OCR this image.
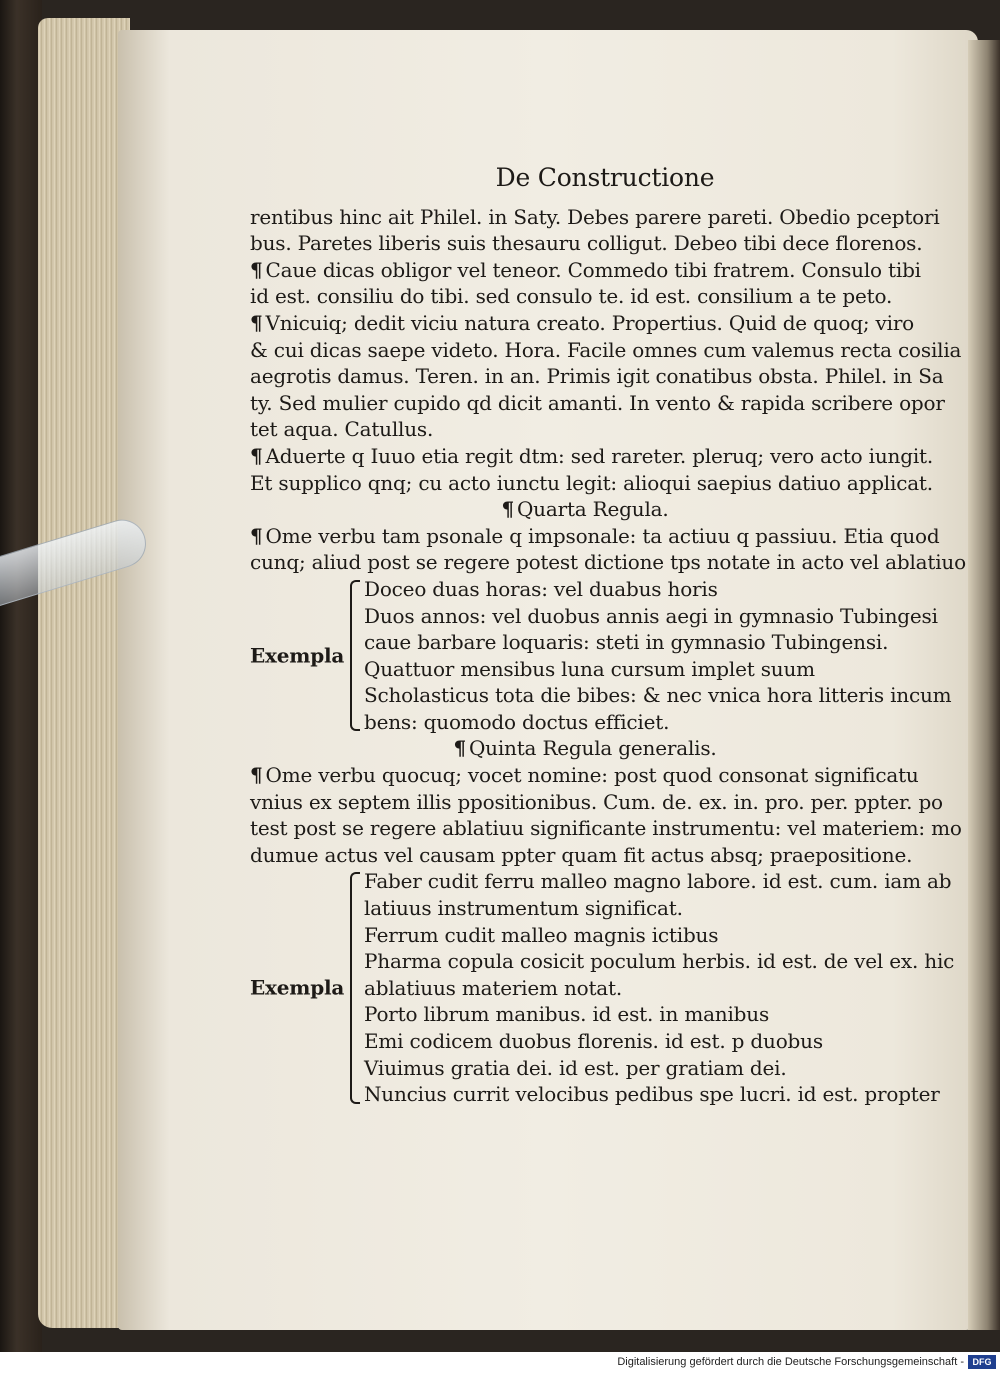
De Constructione
rentibus hinc ait Philel. in Saty. Debes parere pareti. Obedio pceptori
bus. Paretes liberis suis thesauru colligut. Debeo tibi dece florenos.
¶ Caue dicas obligor vel teneor. Commedo tibi fratrem. Consulo tibi
id est. consiliu do tibi. sed consulo te. id est. consilium a te peto.
¶ Vnicuiq; dedit viciu natura creato. Propertius. Quid de quoq; viro
& cui dicas saepe videto. Hora. Facile omnes cum valemus recta cosilia
aegrotis damus. Teren. in an. Primis igit conatibus obsta. Philel. in Sa
ty. Sed mulier cupido qd dicit amanti. In vento & rapida scribere opor
tet aqua. Catullus.
¶ Aduerte q Iuuo etia regit dtm: sed rareter. pleruq; vero acto iungit.
Et supplico qnq; cu acto iunctu legit: alioqui saepius datiuo applicat.
¶ Quarta Regula.
¶ Ome verbu tam psonale q impsonale: ta actiuu q passiuu. Etia quod
cunq; aliud post se regere potest dictione tps notate in acto vel ablatiuo
Exempla
Doceo duas horas: vel duabus horis
Duos annos: vel duobus annis aegi in gymnasio Tubingesi
caue barbare loquaris: steti in gymnasio Tubingensi.
Quattuor mensibus luna cursum implet suum
Scholasticus tota die bibes: & nec vnica hora litteris incum
bens: quomodo doctus efficiet.
¶ Quinta Regula generalis.
¶ Ome verbu quocuq; vocet nomine: post quod consonat significatu
vnius ex septem illis ppositionibus. Cum. de. ex. in. pro. per. ppter. po
test post se regere ablatiuu significante instrumentu: vel materiem: mo
dumue actus vel causam ppter quam fit actus absq; praepositione.
Exempla
Faber cudit ferru malleo magno labore. id est. cum. iam ab
latiuus instrumentum significat.
Ferrum cudit malleo magnis ictibus
Pharma copula cosicit poculum herbis. id est. de vel ex. hic
ablatiuus materiem notat.
Porto librum manibus. id est. in manibus
Emi codicem duobus florenis. id est. p duobus
Viuimus gratia dei. id est. per gratiam dei.
Nuncius currit velocibus pedibus spe lucri. id est. propter
Digitalisierung gefördert durch die Deutsche Forschungsgemeinschaft - DFG
